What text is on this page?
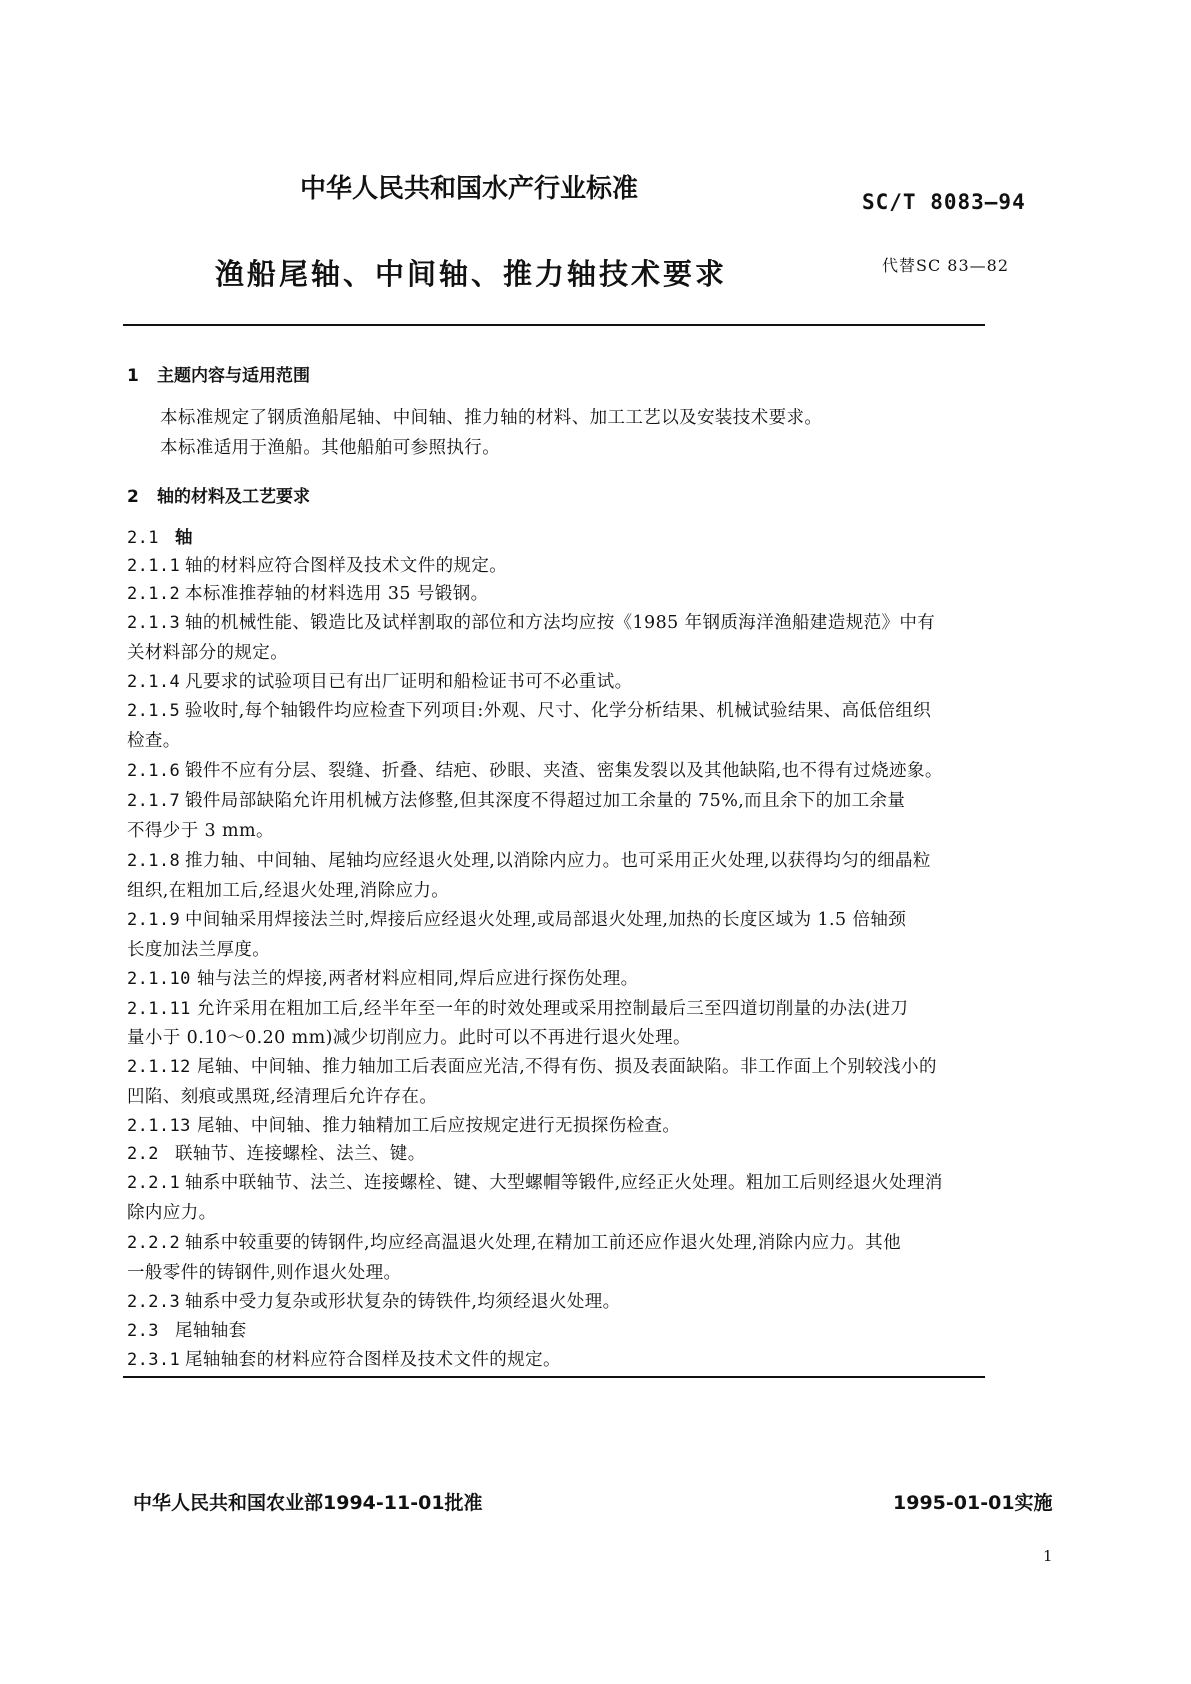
中华人民共和国水产行业标准	SC/T 8083—94
渔船尾轴、中间轴、推力轴技术要求	代替SC 83—82
1 主题内容与适用范围
本标准规定了钢质渔船尾轴、中间轴、推力轴的材料、加工工艺以及安装技术要求。
本标准适用于渔船。其他船舶可参照执行。
2 轴的材料及工艺要求
2.1 轴
2.1.1 轴的材料应符合图样及技术文件的规定。
2.1.2 本标准推荐轴的材料选用 35 号锻钢。
2.1.3 轴的机械性能、锻造比及试样割取的部位和方法均应按《1985 年钢质海洋渔船建造规范》中有
关材料部分的规定。
2.1.4 凡要求的试验项目已有出厂证明和船检证书可不必重试。
2.1.5 验收时,每个轴锻件均应检查下列项目:外观、尺寸、化学分析结果、机械试验结果、高低倍组织
检查。
2.1.6 锻件不应有分层、裂缝、折叠、结疤、砂眼、夹渣、密集发裂以及其他缺陷,也不得有过烧迹象。
2.1.7 锻件局部缺陷允许用机械方法修整,但其深度不得超过加工余量的 75%,而且余下的加工余量
不得少于 3 mm。
2.1.8 推力轴、中间轴、尾轴均应经退火处理,以消除内应力。也可采用正火处理,以获得均匀的细晶粒
组织,在粗加工后,经退火处理,消除应力。
2.1.9 中间轴采用焊接法兰时,焊接后应经退火处理,或局部退火处理,加热的长度区域为 1.5 倍轴颈
长度加法兰厚度。
2.1.10 轴与法兰的焊接,两者材料应相同,焊后应进行探伤处理。
2.1.11 允许采用在粗加工后,经半年至一年的时效处理或采用控制最后三至四道切削量的办法(进刀
量小于 0.10～0.20 mm)减少切削应力。此时可以不再进行退火处理。
2.1.12 尾轴、中间轴、推力轴加工后表面应光洁,不得有伤、损及表面缺陷。非工作面上个别较浅小的
凹陷、刻痕或黑斑,经清理后允许存在。
2.1.13 尾轴、中间轴、推力轴精加工后应按规定进行无损探伤检查。
2.2 联轴节、连接螺栓、法兰、键。
2.2.1 轴系中联轴节、法兰、连接螺栓、键、大型螺帽等锻件,应经正火处理。粗加工后则经退火处理消
除内应力。
2.2.2 轴系中较重要的铸钢件,均应经高温退火处理,在精加工前还应作退火处理,消除内应力。其他
一般零件的铸钢件,则作退火处理。
2.2.3 轴系中受力复杂或形状复杂的铸铁件,均须经退火处理。
2.3 尾轴轴套
2.3.1 尾轴轴套的材料应符合图样及技术文件的规定。
中华人民共和国农业部1994-11-01批准	1995-01-01实施
1
